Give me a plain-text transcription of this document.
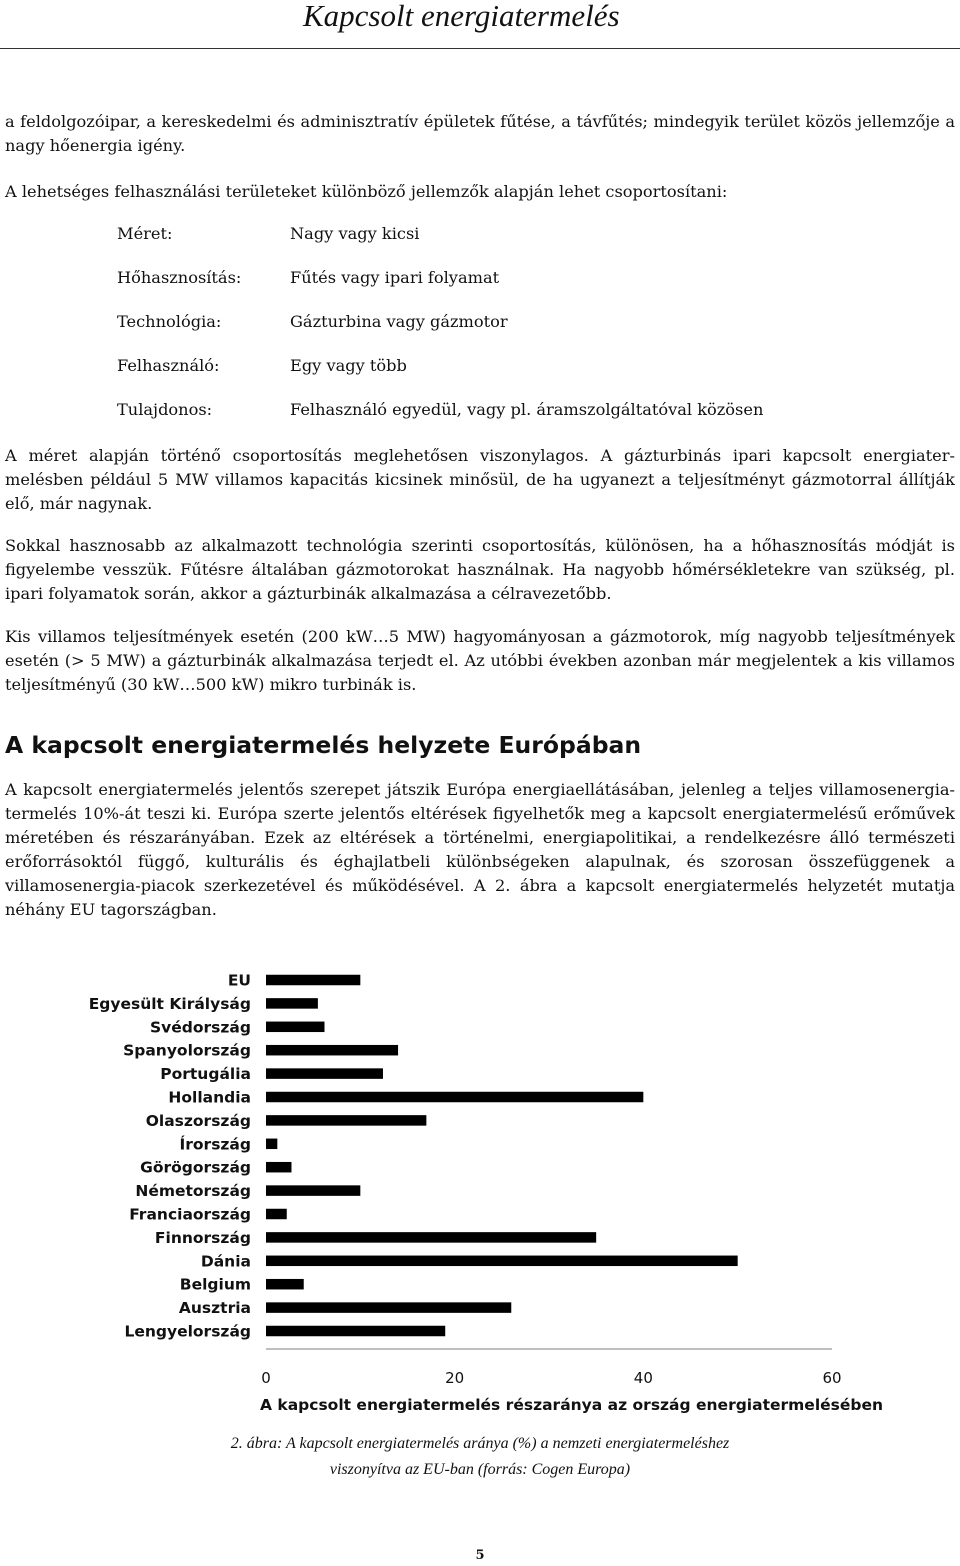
Kapcsolt energiatermelés

a feldolgozóipar, a kereskedelmi és adminisztratív épületek fűtése, a távfűtés; mindegyik terület közös jellemzője a nagy hőenergia igény.

A lehetséges felhasználási területeket különböző jellemzők alapján lehet csoportosítani:

Méret:	Nagy vagy kicsi
Hőhasznosítás:	Fűtés vagy ipari folyamat
Technológia:	Gázturbina vagy gázmotor
Felhasználó:	Egy vagy több
Tulajdonos:	Felhasználó egyedül, vagy pl. áramszolgáltatóval közösen

A méret alapján történő csoportosítás meglehetősen viszonylagos. A gázturbinás ipari kapcsolt energiatermelésben például 5 MW villamos kapacitás kicsinek minősül, de ha ugyanezt a teljesítményt gázmotorral állítják elő, már nagynak.

Sokkal hasznosabb az alkalmazott technológia szerinti csoportosítás, különösen, ha a hőhasznosítás módját is figyelembe vesszük. Fűtésre általában gázmotorokat használnak. Ha nagyobb hőmérsékletekre van szükség, pl. ipari folyamatok során, akkor a gázturbinák alkalmazása a célravezetőbb.

Kis villamos teljesítmények esetén (200 kW…5 MW) hagyományosan a gázmotorok, míg nagyobb teljesítmények esetén (> 5 MW) a gázturbinák alkalmazása terjedt el. Az utóbbi években azonban már megjelentek a kis villamos teljesítményű (30 kW…500 kW) mikro turbinák is.

A kapcsolt energiatermelés helyzete Európában

A kapcsolt energiatermelés jelentős szerepet játszik Európa energiaellátásában, jelenleg a teljes villamosenergia-termelés 10%-át teszi ki. Európa szerte jelentős eltérések figyelhetők meg a kapcsolt energiatermelésű erőművek méretében és részarányában. Ezek az eltérések a történelmi, energiapolitikai, a rendelkezésre álló természeti erőforrásoktól függő, kulturális és éghajlatbeli különbségeken alapulnak, és szorosan összefüggenek a villamosenergia-piacok szerkezetével és működésével. A 2. ábra a kapcsolt energiatermelés helyzetét mutatja néhány EU tagországban.

EU
Egyesült Királyság
Svédország
Spanyolország
Portugália
Hollandia
Olaszország
Írország
Görögország
Németország
Franciaország
Finnország
Dánia
Belgium
Ausztria
Lengyelország
0	20	40	60
A kapcsolt energiatermelés részaránya az ország energiatermelésében
2. ábra: A kapcsolt energiatermelés aránya (%) a nemzeti energiatermeléshez
viszonyítva az EU-ban (forrás: Cogen Europa)
5
